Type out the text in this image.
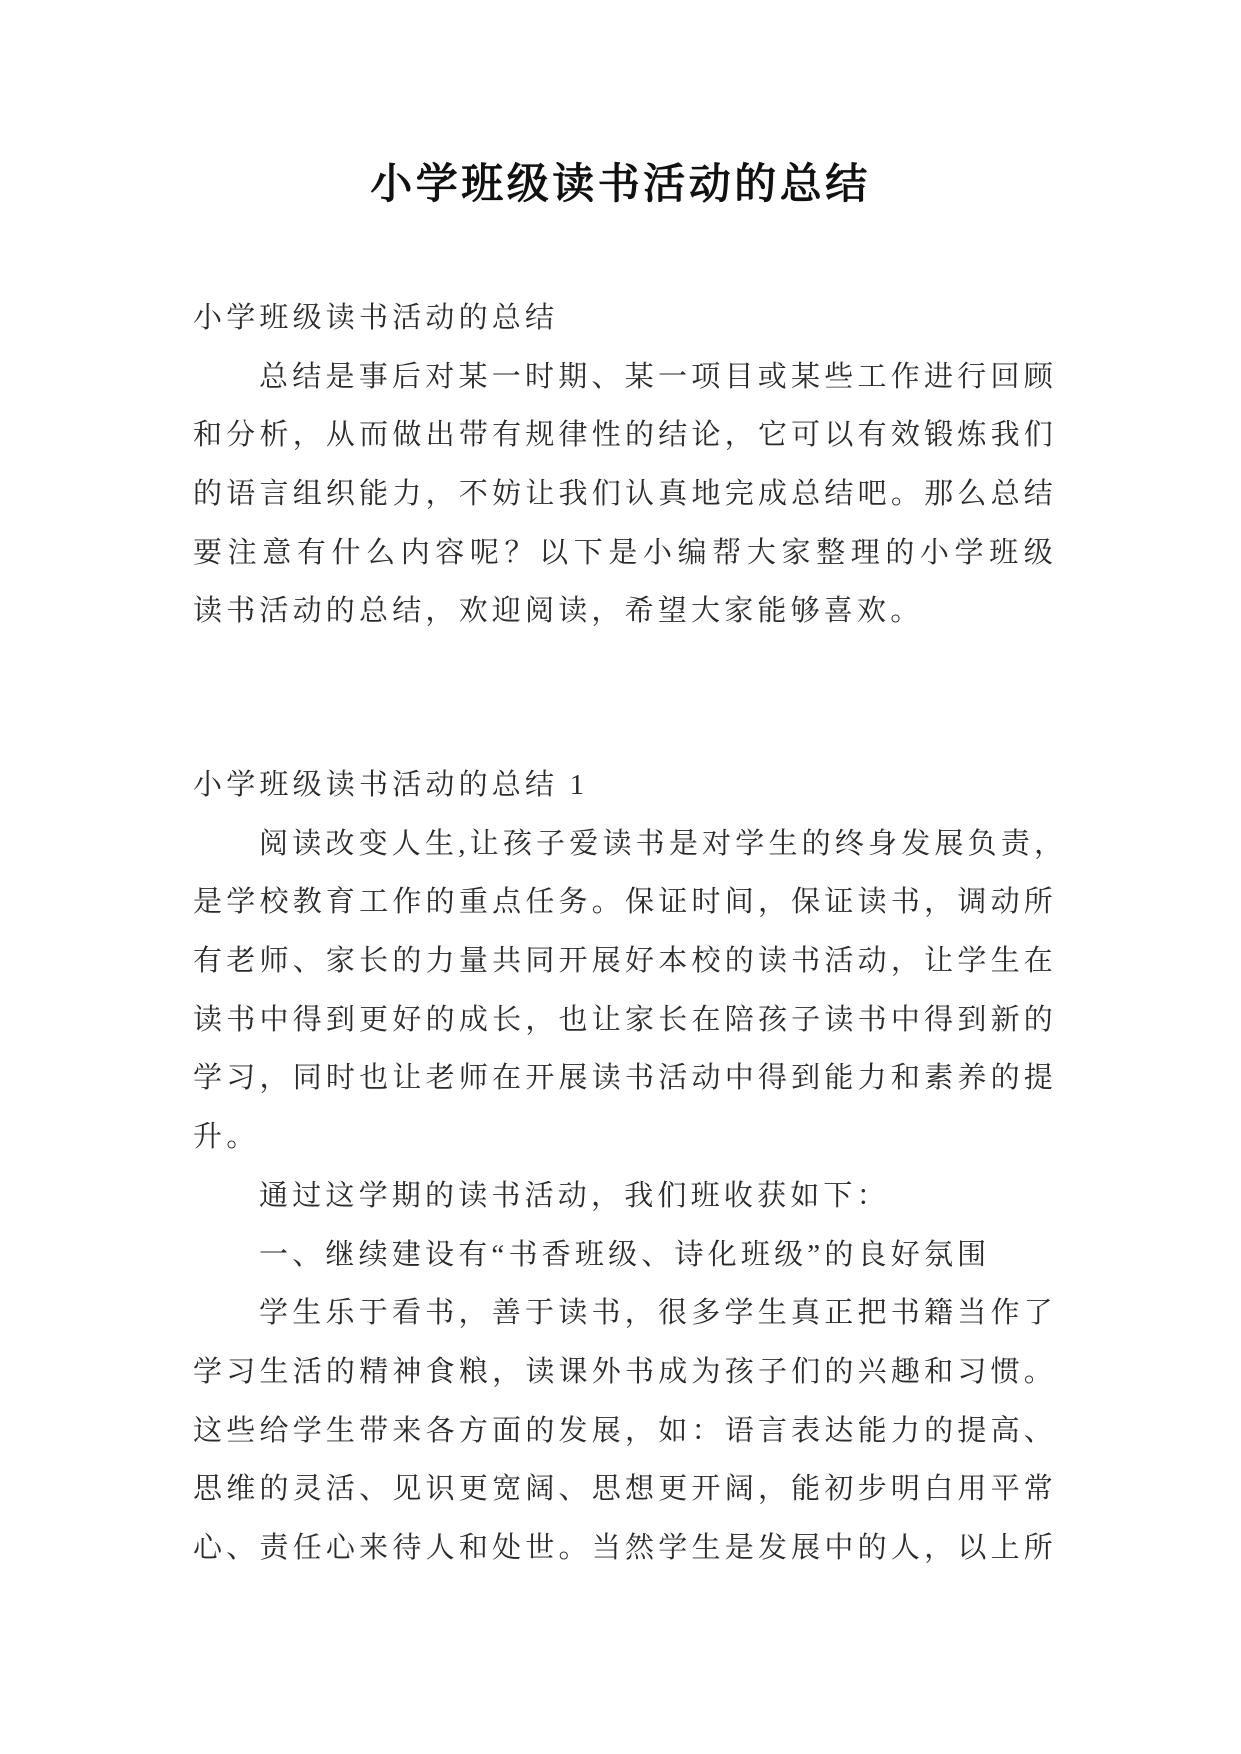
小学班级读书活动的总结
小学班级读书活动的总结
总结是事后对某一时期、某一项目或某些工作进行回顾
和分析，从而做出带有规律性的结论，它可以有效锻炼我们
的语言组织能力，不妨让我们认真地完成总结吧。那么总结
要注意有什么内容呢？以下是小编帮大家整理的小学班级
读书活动的总结，欢迎阅读，希望大家能够喜欢。
小学班级读书活动的总结 1
阅读改变人生,让孩子爱读书是对学生的终身发展负责，
是学校教育工作的重点任务。保证时间，保证读书，调动所
有老师、家长的力量共同开展好本校的读书活动，让学生在
读书中得到更好的成长，也让家长在陪孩子读书中得到新的
学习，同时也让老师在开展读书活动中得到能力和素养的提
升。
通过这学期的读书活动，我们班收获如下：
一、继续建设有“书香班级、诗化班级”的良好氛围
学生乐于看书，善于读书，很多学生真正把书籍当作了
学习生活的精神食粮，读课外书成为孩子们的兴趣和习惯。
这些给学生带来各方面的发展，如：语言表达能力的提高、
思维的灵活、见识更宽阔、思想更开阔，能初步明白用平常
心、责任心来待人和处世。当然学生是发展中的人，以上所
